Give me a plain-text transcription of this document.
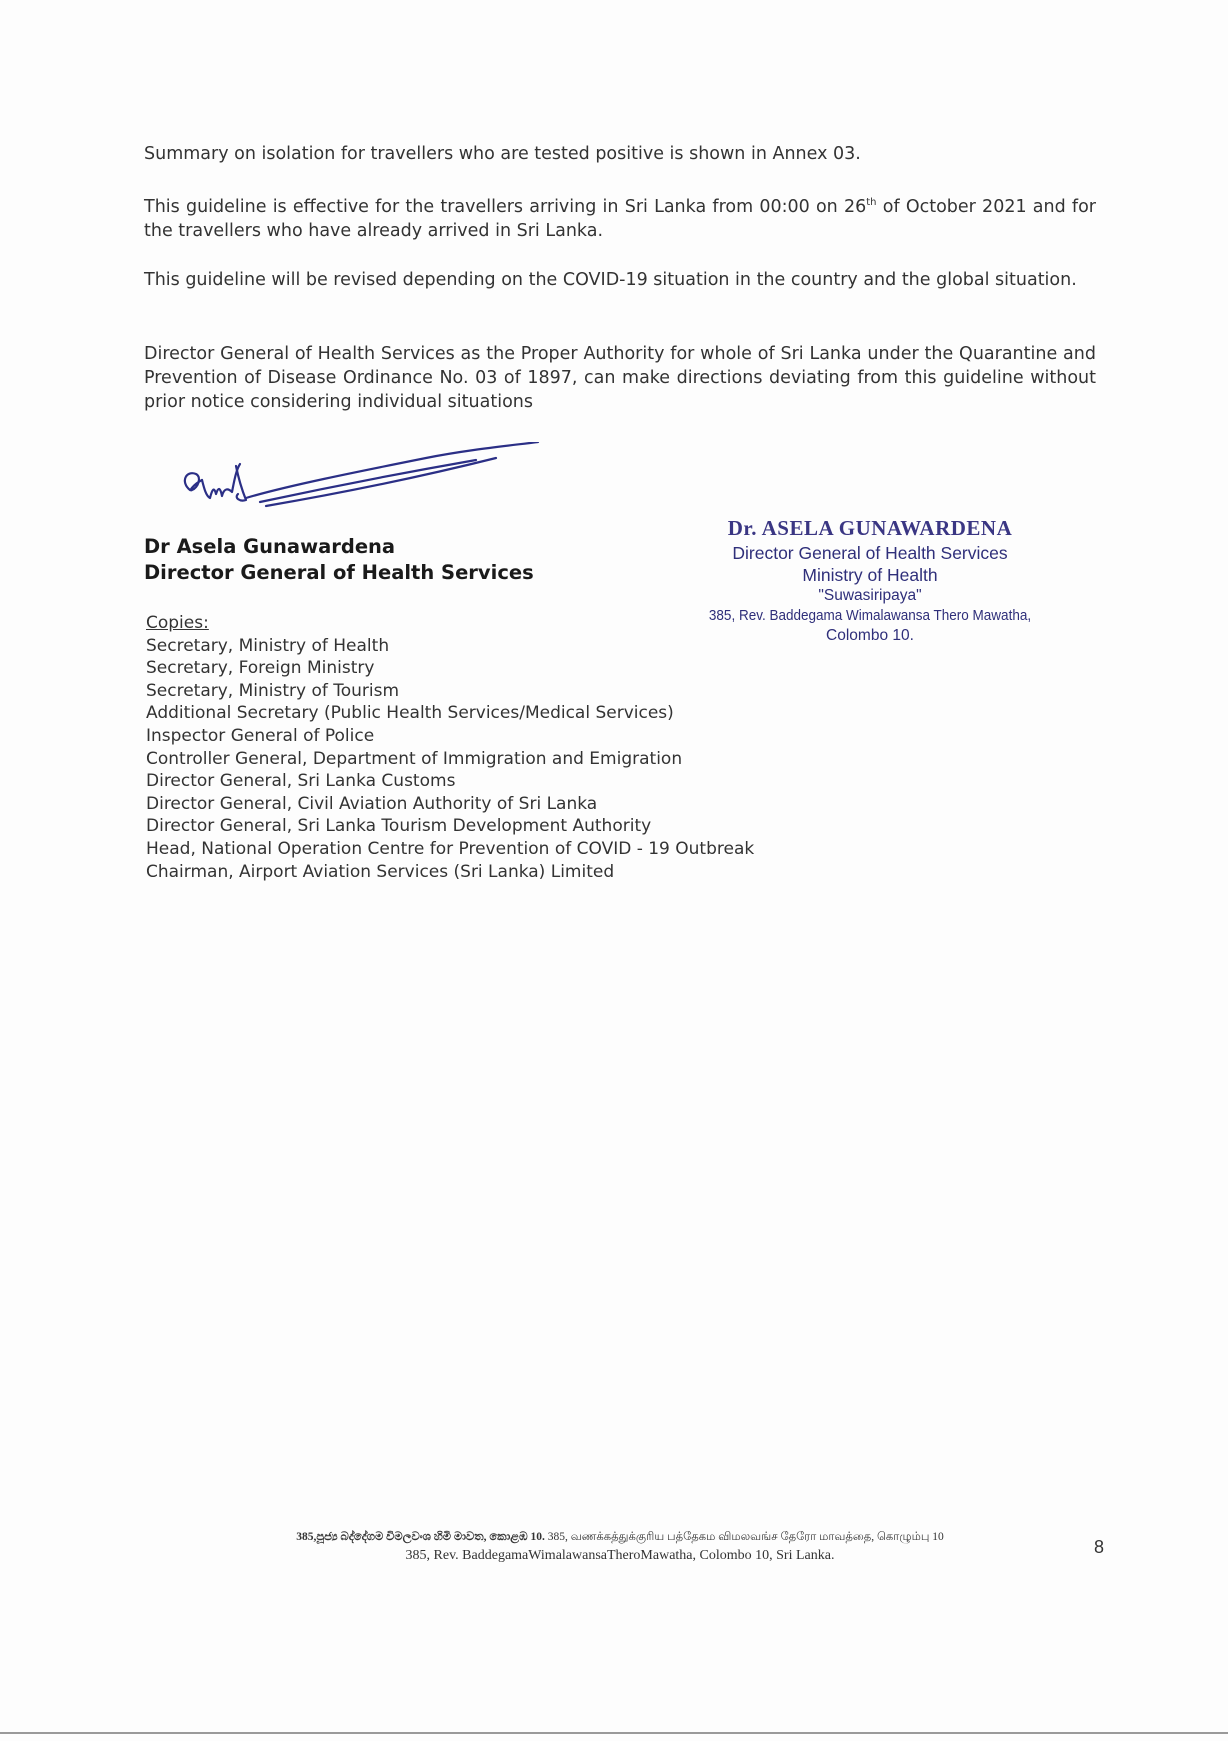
Summary on isolation for travellers who are tested positive is shown in Annex 03.

This guideline is effective for the travellers arriving in Sri Lanka from 00:00 on 26th of October 2021 and for the travellers who have already arrived in Sri Lanka.

This guideline will be revised depending on the COVID-19 situation in the country and the global situation.

Director General of Health Services as the Proper Authority for whole of Sri Lanka under the Quarantine and Prevention of Disease Ordinance No. 03 of 1897, can make directions deviating from this guideline without prior notice considering individual situations

Dr Asela Gunawardena

Director General of Health Services

Dr. ASELA GUNAWARDENA
Director General of Health Services
Ministry of Health
"Suwasiripaya"
385, Rev. Baddegama Wimalawansa Thero Mawatha,
Colombo 10.
Copies:
Secretary, Ministry of Health
Secretary, Foreign Ministry
Secretary, Ministry of Tourism
Additional Secretary (Public Health Services/Medical Services)
Inspector General of Police
Controller General, Department of Immigration and Emigration
Director General, Sri Lanka Customs
Director General, Civil Aviation Authority of Sri Lanka
Director General, Sri Lanka Tourism Development Authority
Head, National Operation Centre for Prevention of COVID - 19 Outbreak
Chairman, Airport Aviation Services (Sri Lanka) Limited
385,පූජ්‍ය බද්දේගම විමලවංශ හිමි මාවත, කොළඹ 10. 385, வணக்கத்துக்குரிய பத்தேகம விமலவங்ச தேரோ மாவத்தை, கொழும்பு 10
385, Rev. BaddegamaWimalawansaTheroMawatha, Colombo 10, Sri Lanka.	8
